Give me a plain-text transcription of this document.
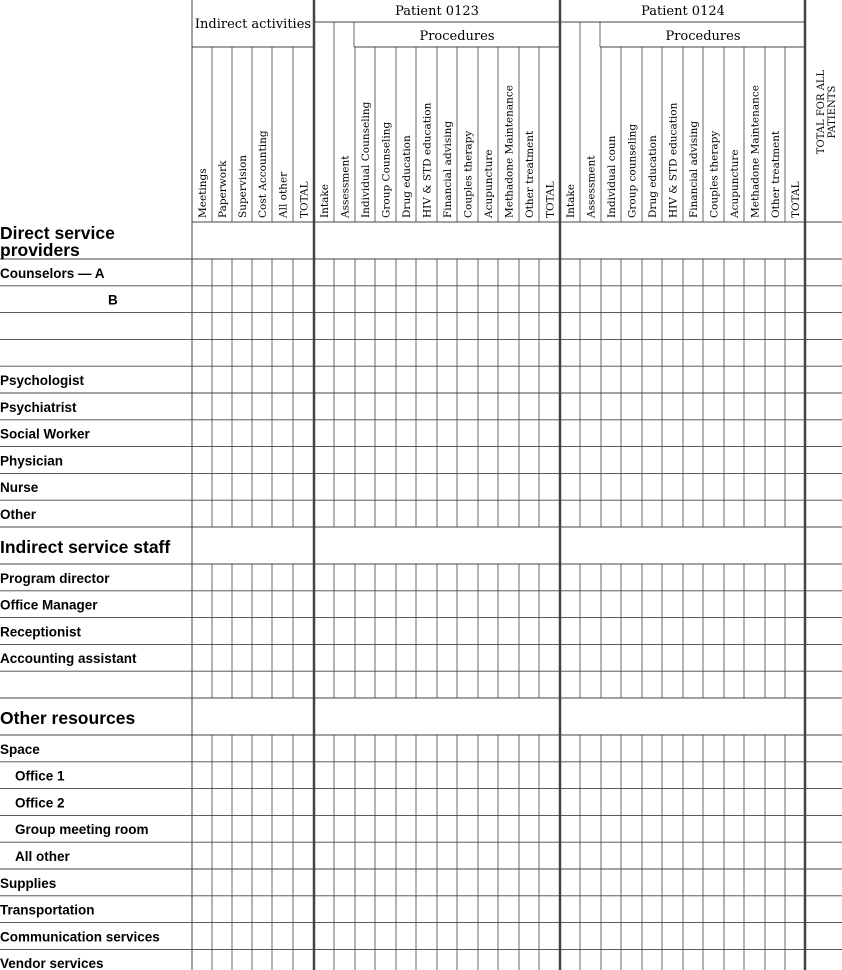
Indirect activities
Patient 0123
Procedures
Patient 0124
Procedures
TOTAL FOR ALL PATIENTS
Meetings Paperwork Supervision Cost Accounting All other TOTAL Intake Assessment Individual Counseling Group Counseling Drug education HIV & STD education Financial advising Couples therapy Acupuncture Methadone Maintenance Other treatment TOTAL Intake Assessment Individual coun Group counseling Drug education HIV & STD education Financial advising Couples therapy Acupuncture Methadone Maintenance Other treatment TOTAL
Direct service
providers
Counselors — A
B
Psychologist
Psychiatrist
Social Worker
Physician
Nurse
Other
Indirect service staff
Program director
Office Manager
Receptionist
Accounting assistant
Other resources
Space
Office 1
Office 2
Group meeting room
All other
Supplies
Transportation
Communication services
Vendor services
